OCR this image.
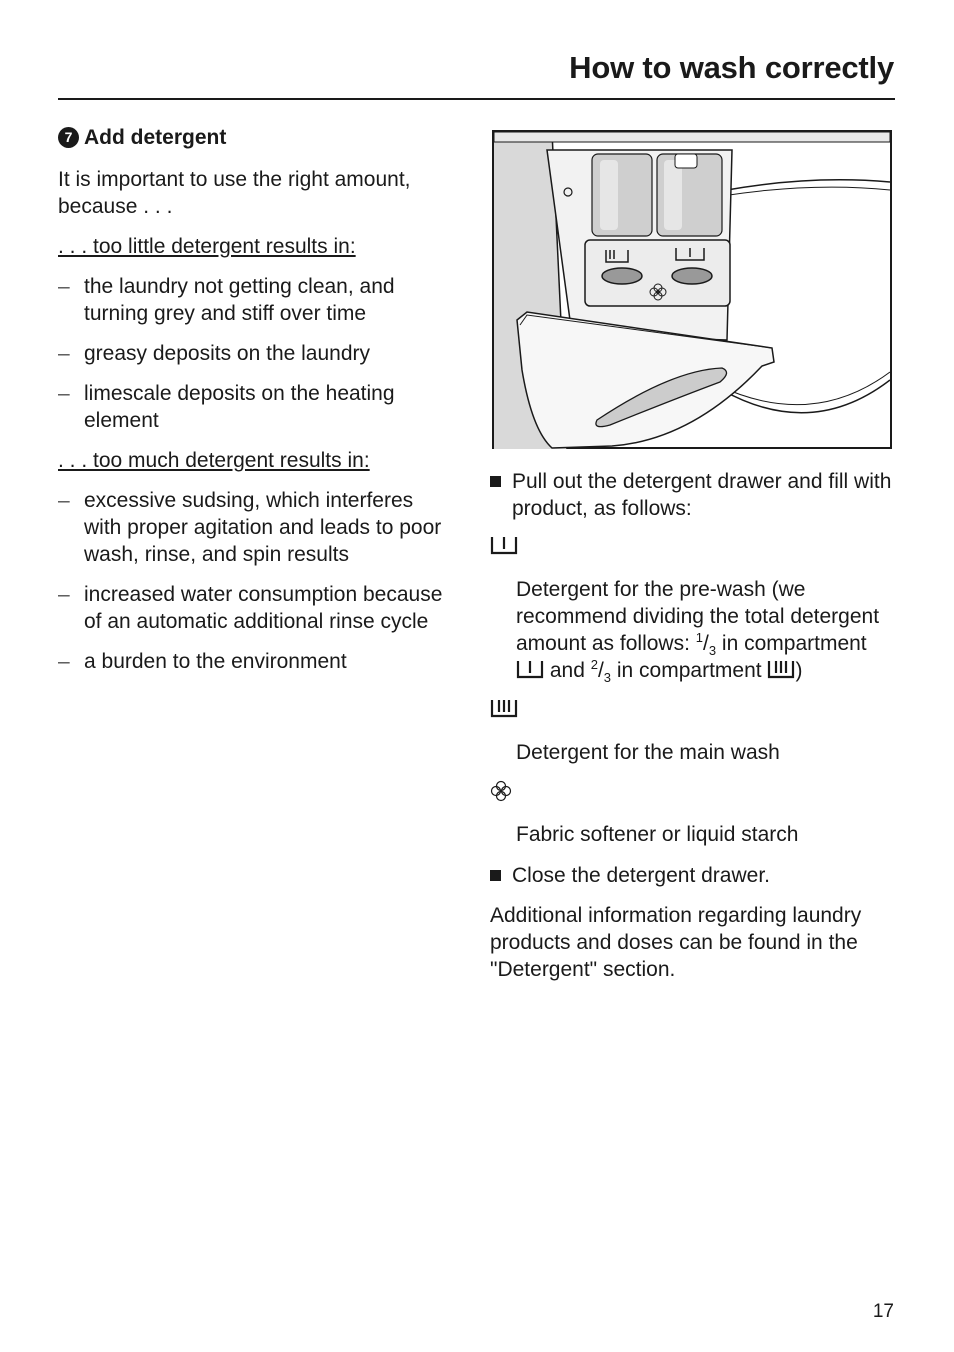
How to wash correctly
7 Add detergent

It is important to use the right amount, because . . .

. . . too little detergent results in:

– the laundry not getting clean, and turning grey and stiff over time
– greasy deposits on the laundry
– limescale deposits on the heating element

. . . too much detergent results in:

– excessive sudsing, which interferes with proper agitation and leads to poor wash, rinse, and spin results
– increased water consumption because of an automatic additional rinse cycle
– a burden to the environment
Pull out the detergent drawer and fill with product, as follows:
Detergent for the pre-wash (we recommend dividing the total detergent amount as follows: $^1/_3$ in compartment and $^2/_3$ in compartment )
Detergent for the main wash
Fabric softener or liquid starch
Close the detergent drawer.

Additional information regarding laundry products and doses can be found in the "Detergent" section.

17
